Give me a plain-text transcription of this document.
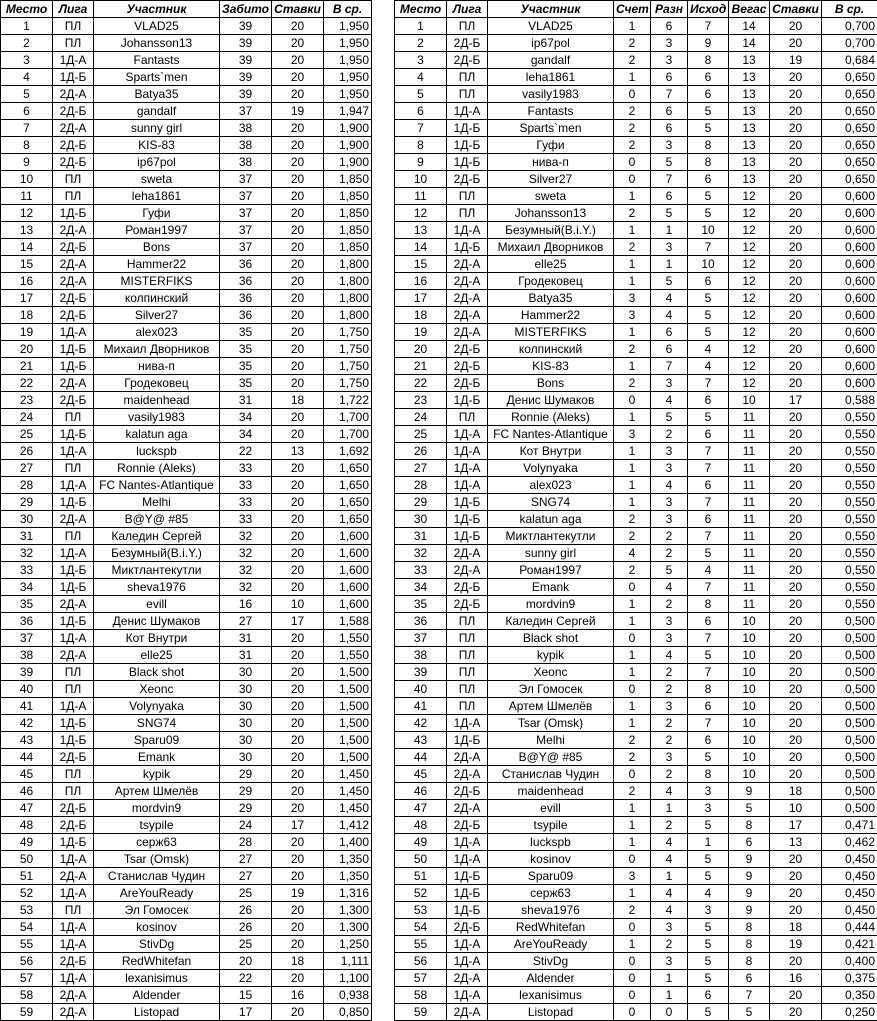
Место	Лига	Участник	Забито	Ставки	В ср.
1	ПЛ	VLAD25	39	20	1,950
2	ПЛ	Johansson13	39	20	1,950
3	1Д-А	Fantasts	39	20	1,950
4	1Д-Б	Sparts`men	39	20	1,950
5	2Д-А	Batya35	39	20	1,950
6	2Д-Б	gandalf	37	19	1,947
7	2Д-А	sunny girl	38	20	1,900
8	2Д-Б	KIS-83	38	20	1,900
9	2Д-Б	ip67pol	38	20	1,900
10	ПЛ	sweta	37	20	1,850
11	ПЛ	leha1861	37	20	1,850
12	1Д-Б	Гуфи	37	20	1,850
13	2Д-А	Роман1997	37	20	1,850
14	2Д-Б	Bons	37	20	1,850
15	2Д-А	Hammer22	36	20	1,800
16	2Д-А	MISTERFIKS	36	20	1,800
17	2Д-Б	колпинский	36	20	1,800
18	2Д-Б	Silver27	36	20	1,800
19	1Д-А	alex023	35	20	1,750
20	1Д-Б	Михаил Дворников	35	20	1,750
21	1Д-Б	нива-п	35	20	1,750
22	2Д-А	Гродековец	35	20	1,750
23	2Д-Б	maidenhead	31	18	1,722
24	ПЛ	vasily1983	34	20	1,700
25	1Д-Б	kalatun aga	34	20	1,700
26	1Д-А	luckspb	22	13	1,692
27	ПЛ	Ronnie (Aleks)	33	20	1,650
28	1Д-А	FC Nantes-Atlantique	33	20	1,650
29	1Д-Б	Melhi	33	20	1,650
30	2Д-А	B@Y@ #85	33	20	1,650
31	ПЛ	Каледин Сергей	32	20	1,600
32	1Д-А	Безумный(B.i.Y.)	32	20	1,600
33	1Д-Б	Миктлантекутли	32	20	1,600
34	1Д-Б	sheva1976	32	20	1,600
35	2Д-А	evill	16	10	1,600
36	1Д-Б	Денис Шумаков	27	17	1,588
37	1Д-А	Кот Внутри	31	20	1,550
38	2Д-А	elle25	31	20	1,550
39	ПЛ	Black shot	30	20	1,500
40	ПЛ	Xeonc	30	20	1,500
41	1Д-А	Volynyaka	30	20	1,500
42	1Д-Б	SNG74	30	20	1,500
43	1Д-Б	Sparu09	30	20	1,500
44	2Д-Б	Emank	30	20	1,500
45	ПЛ	kypik	29	20	1,450
46	ПЛ	Артем Шмелёв	29	20	1,450
47	2Д-Б	mordvin9	29	20	1,450
48	2Д-Б	tsypile	24	17	1,412
49	1Д-Б	серж63	28	20	1,400
50	1Д-А	Tsar (Omsk)	27	20	1,350
51	2Д-А	Станислав Чудин	27	20	1,350
52	1Д-А	AreYouReady	25	19	1,316
53	ПЛ	Эл Гомосек	26	20	1,300
54	1Д-А	kosinov	26	20	1,300
55	1Д-А	StivDg	25	20	1,250
56	2Д-Б	RedWhitefan	20	18	1,111
57	1Д-А	lexanisimus	22	20	1,100
58	2Д-А	Aldender	15	16	0,938
59	2Д-А	Listopad	17	20	0,850
Место	Лига	Участник	Счет	Разн	Исход	Вегас	Ставки	В ср.
1	ПЛ	VLAD25	1	6	7	14	20	0,700
2	2Д-Б	ip67pol	2	3	9	14	20	0,700
3	2Д-Б	gandalf	2	3	8	13	19	0,684
4	ПЛ	leha1861	1	6	6	13	20	0,650
5	ПЛ	vasily1983	0	7	6	13	20	0,650
6	1Д-А	Fantasts	2	6	5	13	20	0,650
7	1Д-Б	Sparts`men	2	6	5	13	20	0,650
8	1Д-Б	Гуфи	2	3	8	13	20	0,650
9	1Д-Б	нива-п	0	5	8	13	20	0,650
10	2Д-Б	Silver27	0	7	6	13	20	0,650
11	ПЛ	sweta	1	6	5	12	20	0,600
12	ПЛ	Johansson13	2	5	5	12	20	0,600
13	1Д-А	Безумный(B.i.Y.)	1	1	10	12	20	0,600
14	1Д-Б	Михаил Дворников	2	3	7	12	20	0,600
15	2Д-А	elle25	1	1	10	12	20	0,600
16	2Д-А	Гродековец	1	5	6	12	20	0,600
17	2Д-А	Batya35	3	4	5	12	20	0,600
18	2Д-А	Hammer22	3	4	5	12	20	0,600
19	2Д-А	MISTERFIKS	1	6	5	12	20	0,600
20	2Д-Б	колпинский	2	6	4	12	20	0,600
21	2Д-Б	KIS-83	1	7	4	12	20	0,600
22	2Д-Б	Bons	2	3	7	12	20	0,600
23	1Д-Б	Денис Шумаков	0	4	6	10	17	0,588
24	ПЛ	Ronnie (Aleks)	1	5	5	11	20	0,550
25	1Д-А	FC Nantes-Atlantique	3	2	6	11	20	0,550
26	1Д-А	Кот Внутри	1	3	7	11	20	0,550
27	1Д-А	Volynyaka	1	3	7	11	20	0,550
28	1Д-А	alex023	1	4	6	11	20	0,550
29	1Д-Б	SNG74	1	3	7	11	20	0,550
30	1Д-Б	kalatun aga	2	3	6	11	20	0,550
31	1Д-Б	Миктлантекутли	2	2	7	11	20	0,550
32	2Д-А	sunny girl	4	2	5	11	20	0,550
33	2Д-А	Роман1997	2	5	4	11	20	0,550
34	2Д-Б	Emank	0	4	7	11	20	0,550
35	2Д-Б	mordvin9	1	2	8	11	20	0,550
36	ПЛ	Каледин Сергей	1	3	6	10	20	0,500
37	ПЛ	Black shot	0	3	7	10	20	0,500
38	ПЛ	kypik	1	4	5	10	20	0,500
39	ПЛ	Xeonc	1	2	7	10	20	0,500
40	ПЛ	Эл Гомосек	0	2	8	10	20	0,500
41	ПЛ	Артем Шмелёв	1	3	6	10	20	0,500
42	1Д-А	Tsar (Omsk)	1	2	7	10	20	0,500
43	1Д-Б	Melhi	2	2	6	10	20	0,500
44	2Д-А	B@Y@ #85	2	3	5	10	20	0,500
45	2Д-А	Станислав Чудин	0	2	8	10	20	0,500
46	2Д-Б	maidenhead	2	4	3	9	18	0,500
47	2Д-А	evill	1	1	3	5	10	0,500
48	2Д-Б	tsypile	1	2	5	8	17	0,471
49	1Д-А	luckspb	1	4	1	6	13	0,462
50	1Д-А	kosinov	0	4	5	9	20	0,450
51	1Д-Б	Sparu09	3	1	5	9	20	0,450
52	1Д-Б	серж63	1	4	4	9	20	0,450
53	1Д-Б	sheva1976	2	4	3	9	20	0,450
54	2Д-Б	RedWhitefan	0	3	5	8	18	0,444
55	1Д-А	AreYouReady	1	2	5	8	19	0,421
56	1Д-А	StivDg	0	3	5	8	20	0,400
57	2Д-А	Aldender	0	1	5	6	16	0,375
58	1Д-А	lexanisimus	0	1	6	7	20	0,350
59	2Д-А	Listopad	0	0	5	5	20	0,250
